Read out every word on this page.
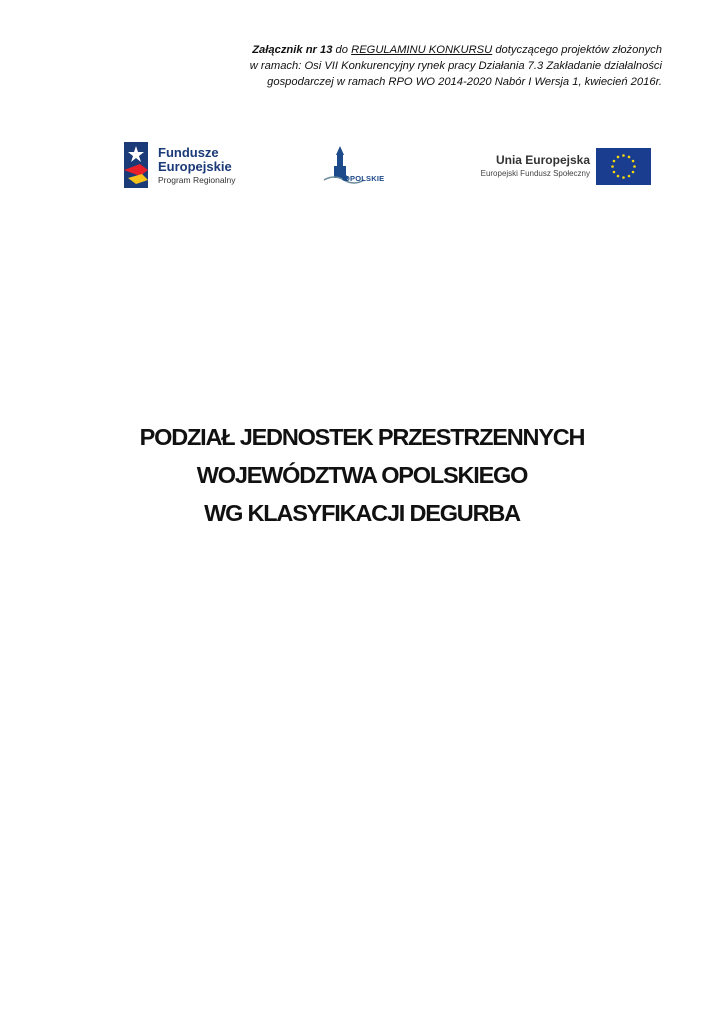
Załącznik nr 13 do REGULAMINU KONKURSU dotyczącego projektów złożonych
w ramach: Osi VII Konkurencyjny rynek pracy Działania 7.3 Zakładanie działalności
gospodarczej w ramach RPO WO 2014-2020 Nabór I Wersja 1, kwiecień 2016r.
Fundusze
Europejskie
Program Regionalny	OPOLSKIE
Unia Europejska
Europejski Fundusz Społeczny
PODZIAŁ JEDNOSTEK PRZESTRZENNYCH
WOJEWÓDZTWA OPOLSKIEGO
WG KLASYFIKACJI DEGURBA
